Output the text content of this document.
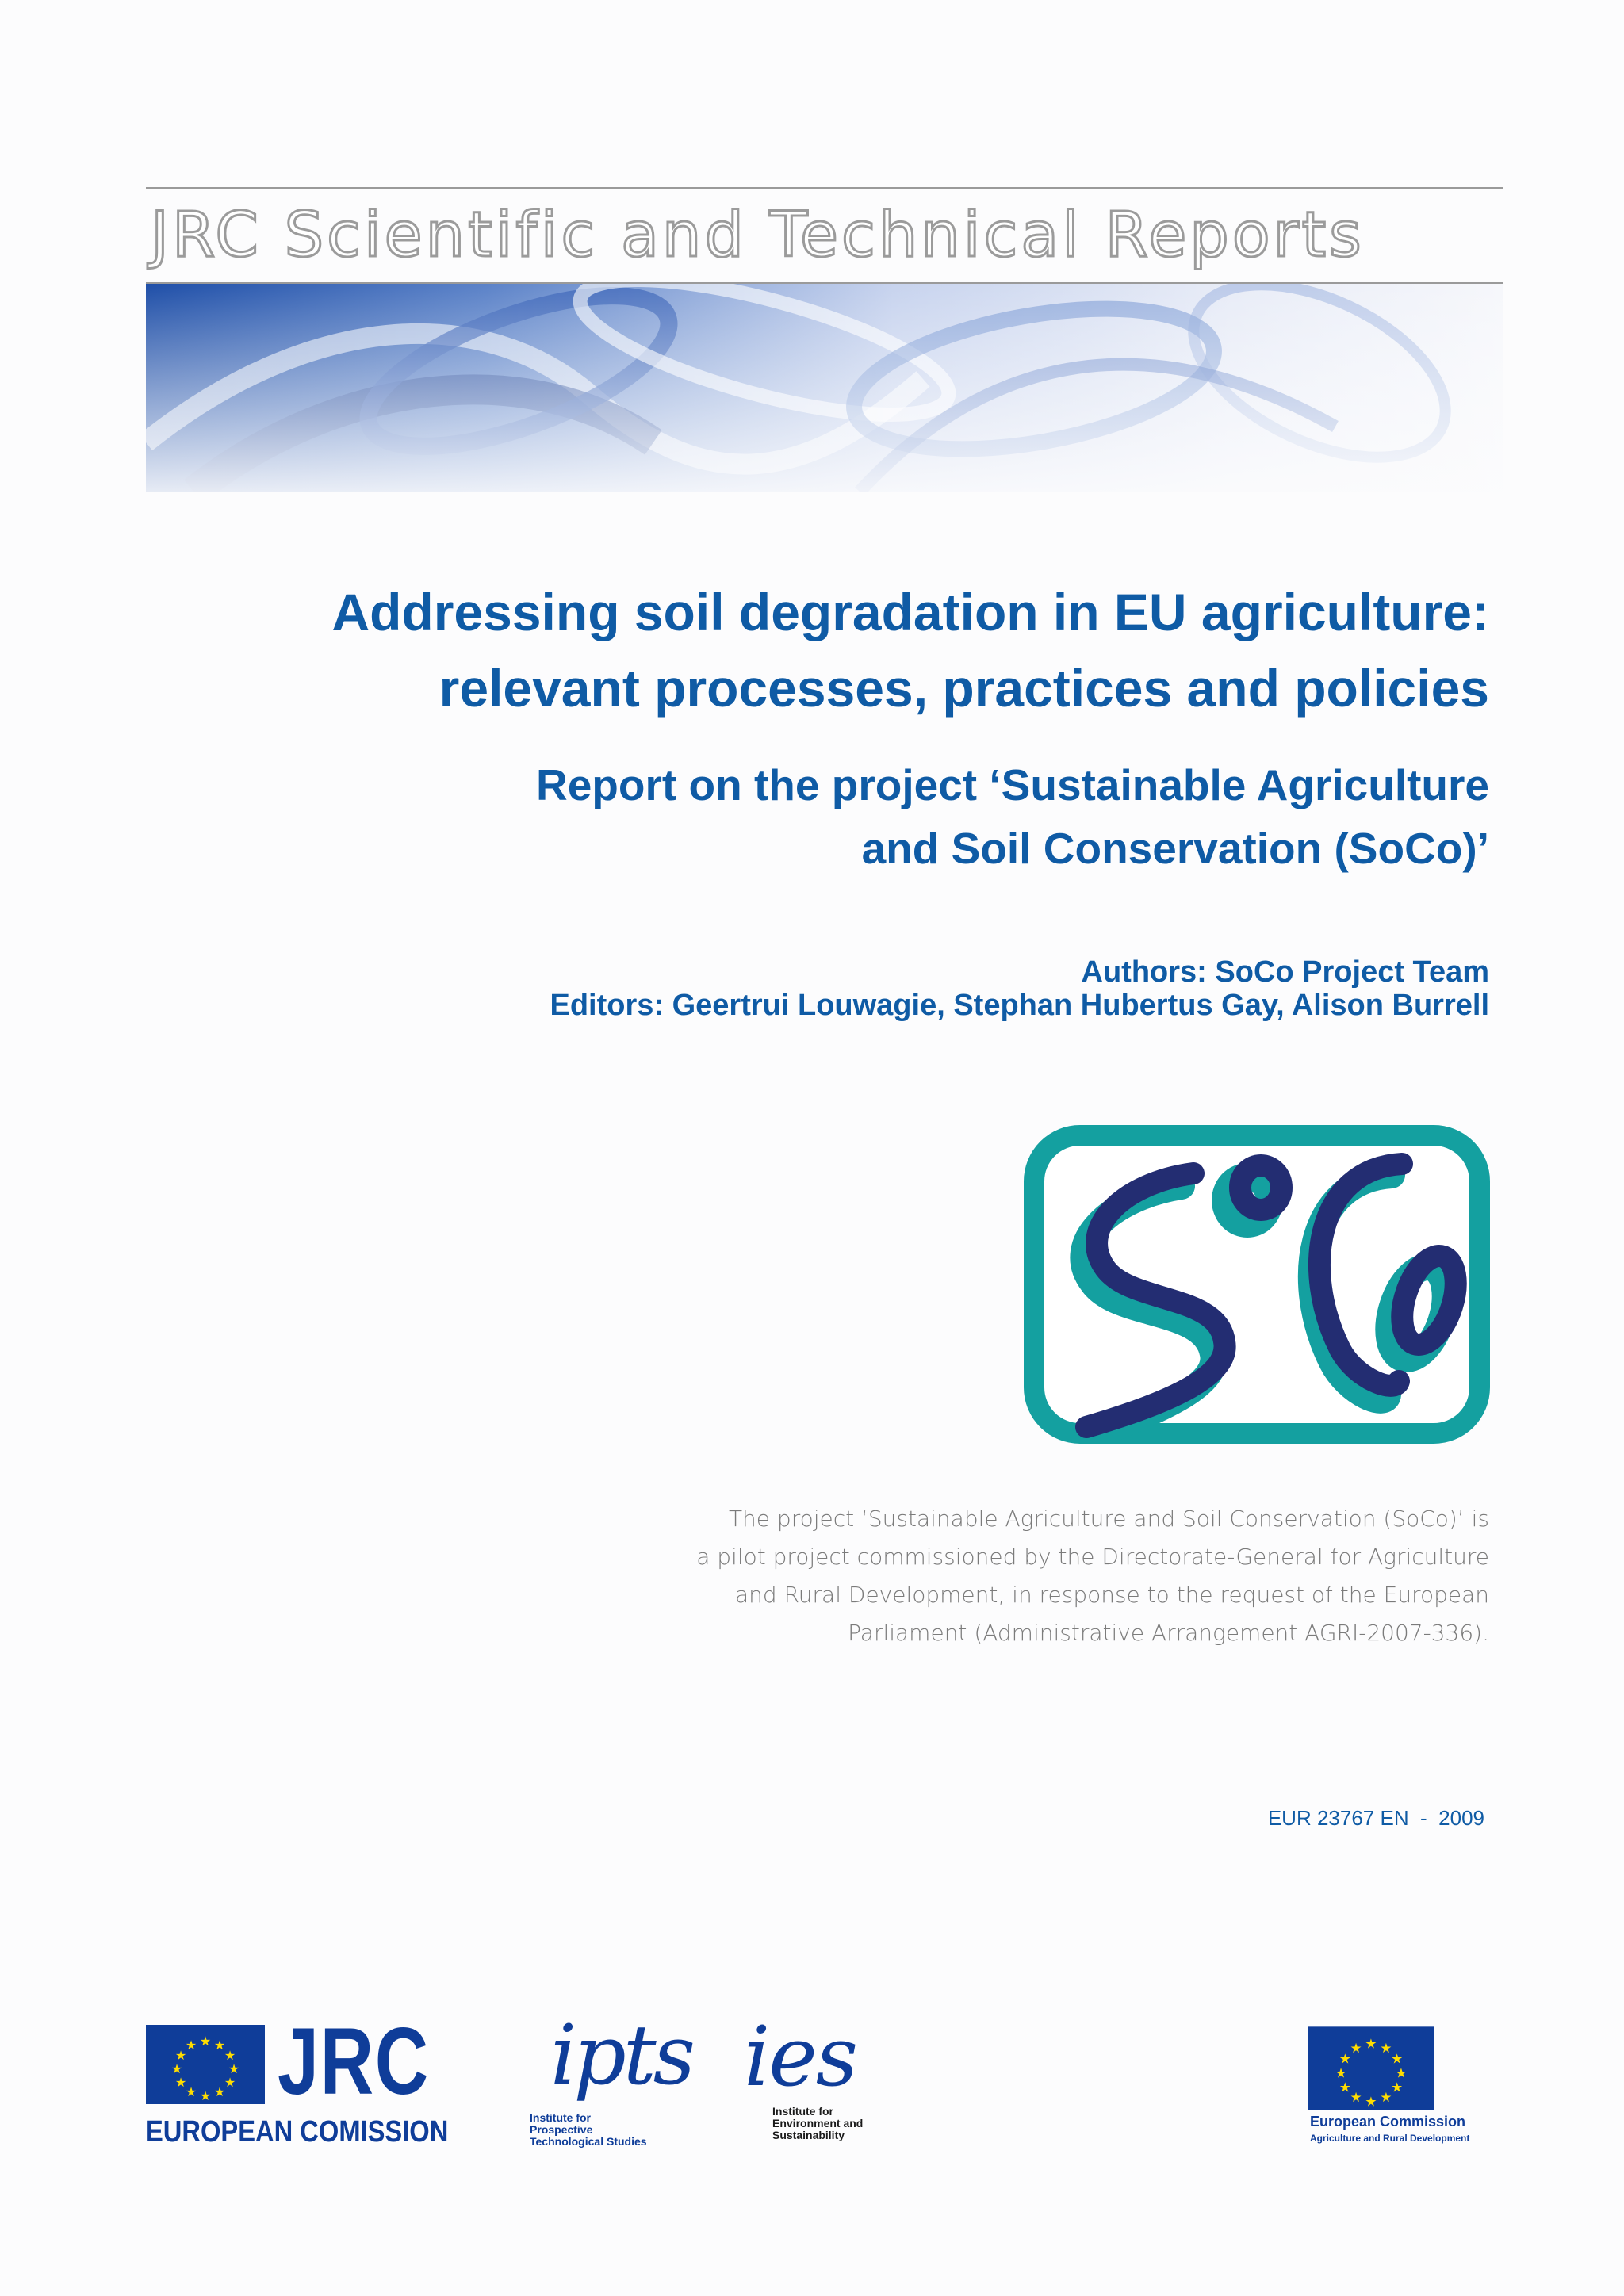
JRC Scientific and Technical Reports
Addressing soil degradation in EU agriculture:
relevant processes, practices and policies
Report on the project ‘Sustainable Agriculture
and Soil Conservation (SoCo)’
Authors: SoCo Project Team
Editors: Geertrui Louwagie, Stephan Hubertus Gay, Alison Burrell
The project ‘Sustainable Agriculture and Soil Conservation (SoCo)’ is
a pilot project commissioned by the Directorate-General for Agriculture
and Rural Development, in response to the request of the European
Parliament (Administrative Arrangement AGRI-2007-336).
EUR 23767 EN  -  2009
★ ★
★
★
★
★
★
★
★
★
★
★ JRC
EUROPEAN COMISSION
ipts
Institute for
Prospective
Technological Studies
ies
Institute for
Environment and
Sustainability
★ ★
★
★
★
★
★
★
★
★
★
★
European Commission
Agriculture and Rural Development
